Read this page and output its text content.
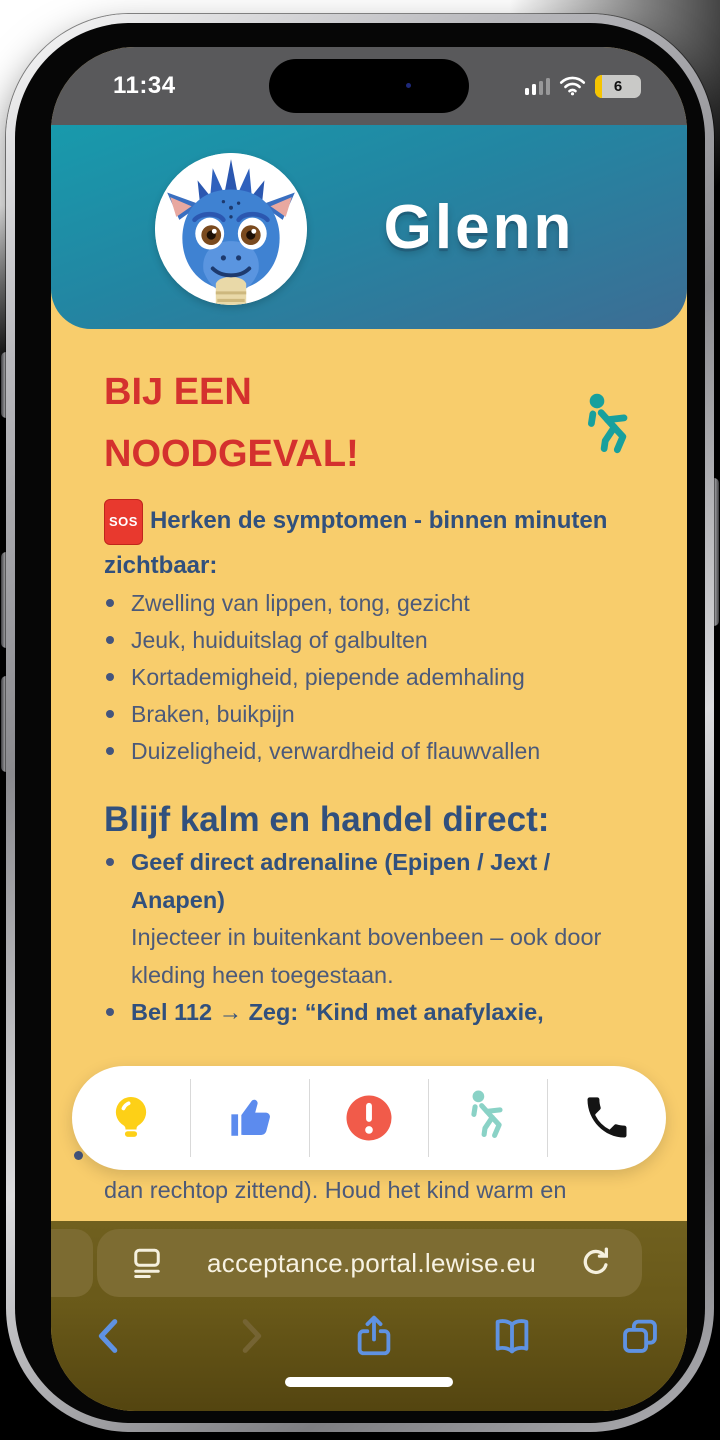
11:34	6
Glenn
BIJ EEN
NOODGEVAL!
SOS Herken de symptomen - binnen minuten zichtbaar:
Zwelling van lippen, tong, gezicht
Jeuk, huiduitslag of galbulten
Kortademigheid, piepende ademhaling
Braken, buikpijn
Duizeligheid, verwardheid of flauwvallen
Blijf kalm en handel direct:
Geef direct adrenaline (Epipen / Jext / Anapen)
Injecteer in buitenkant bovenbeen – ook door kleding heen toegestaan.
Bel 112 → Zeg: “Kind met anafylaxie,
dan rechtop zittend). Houd het kind warm en
acceptance.portal.lewise.eu
